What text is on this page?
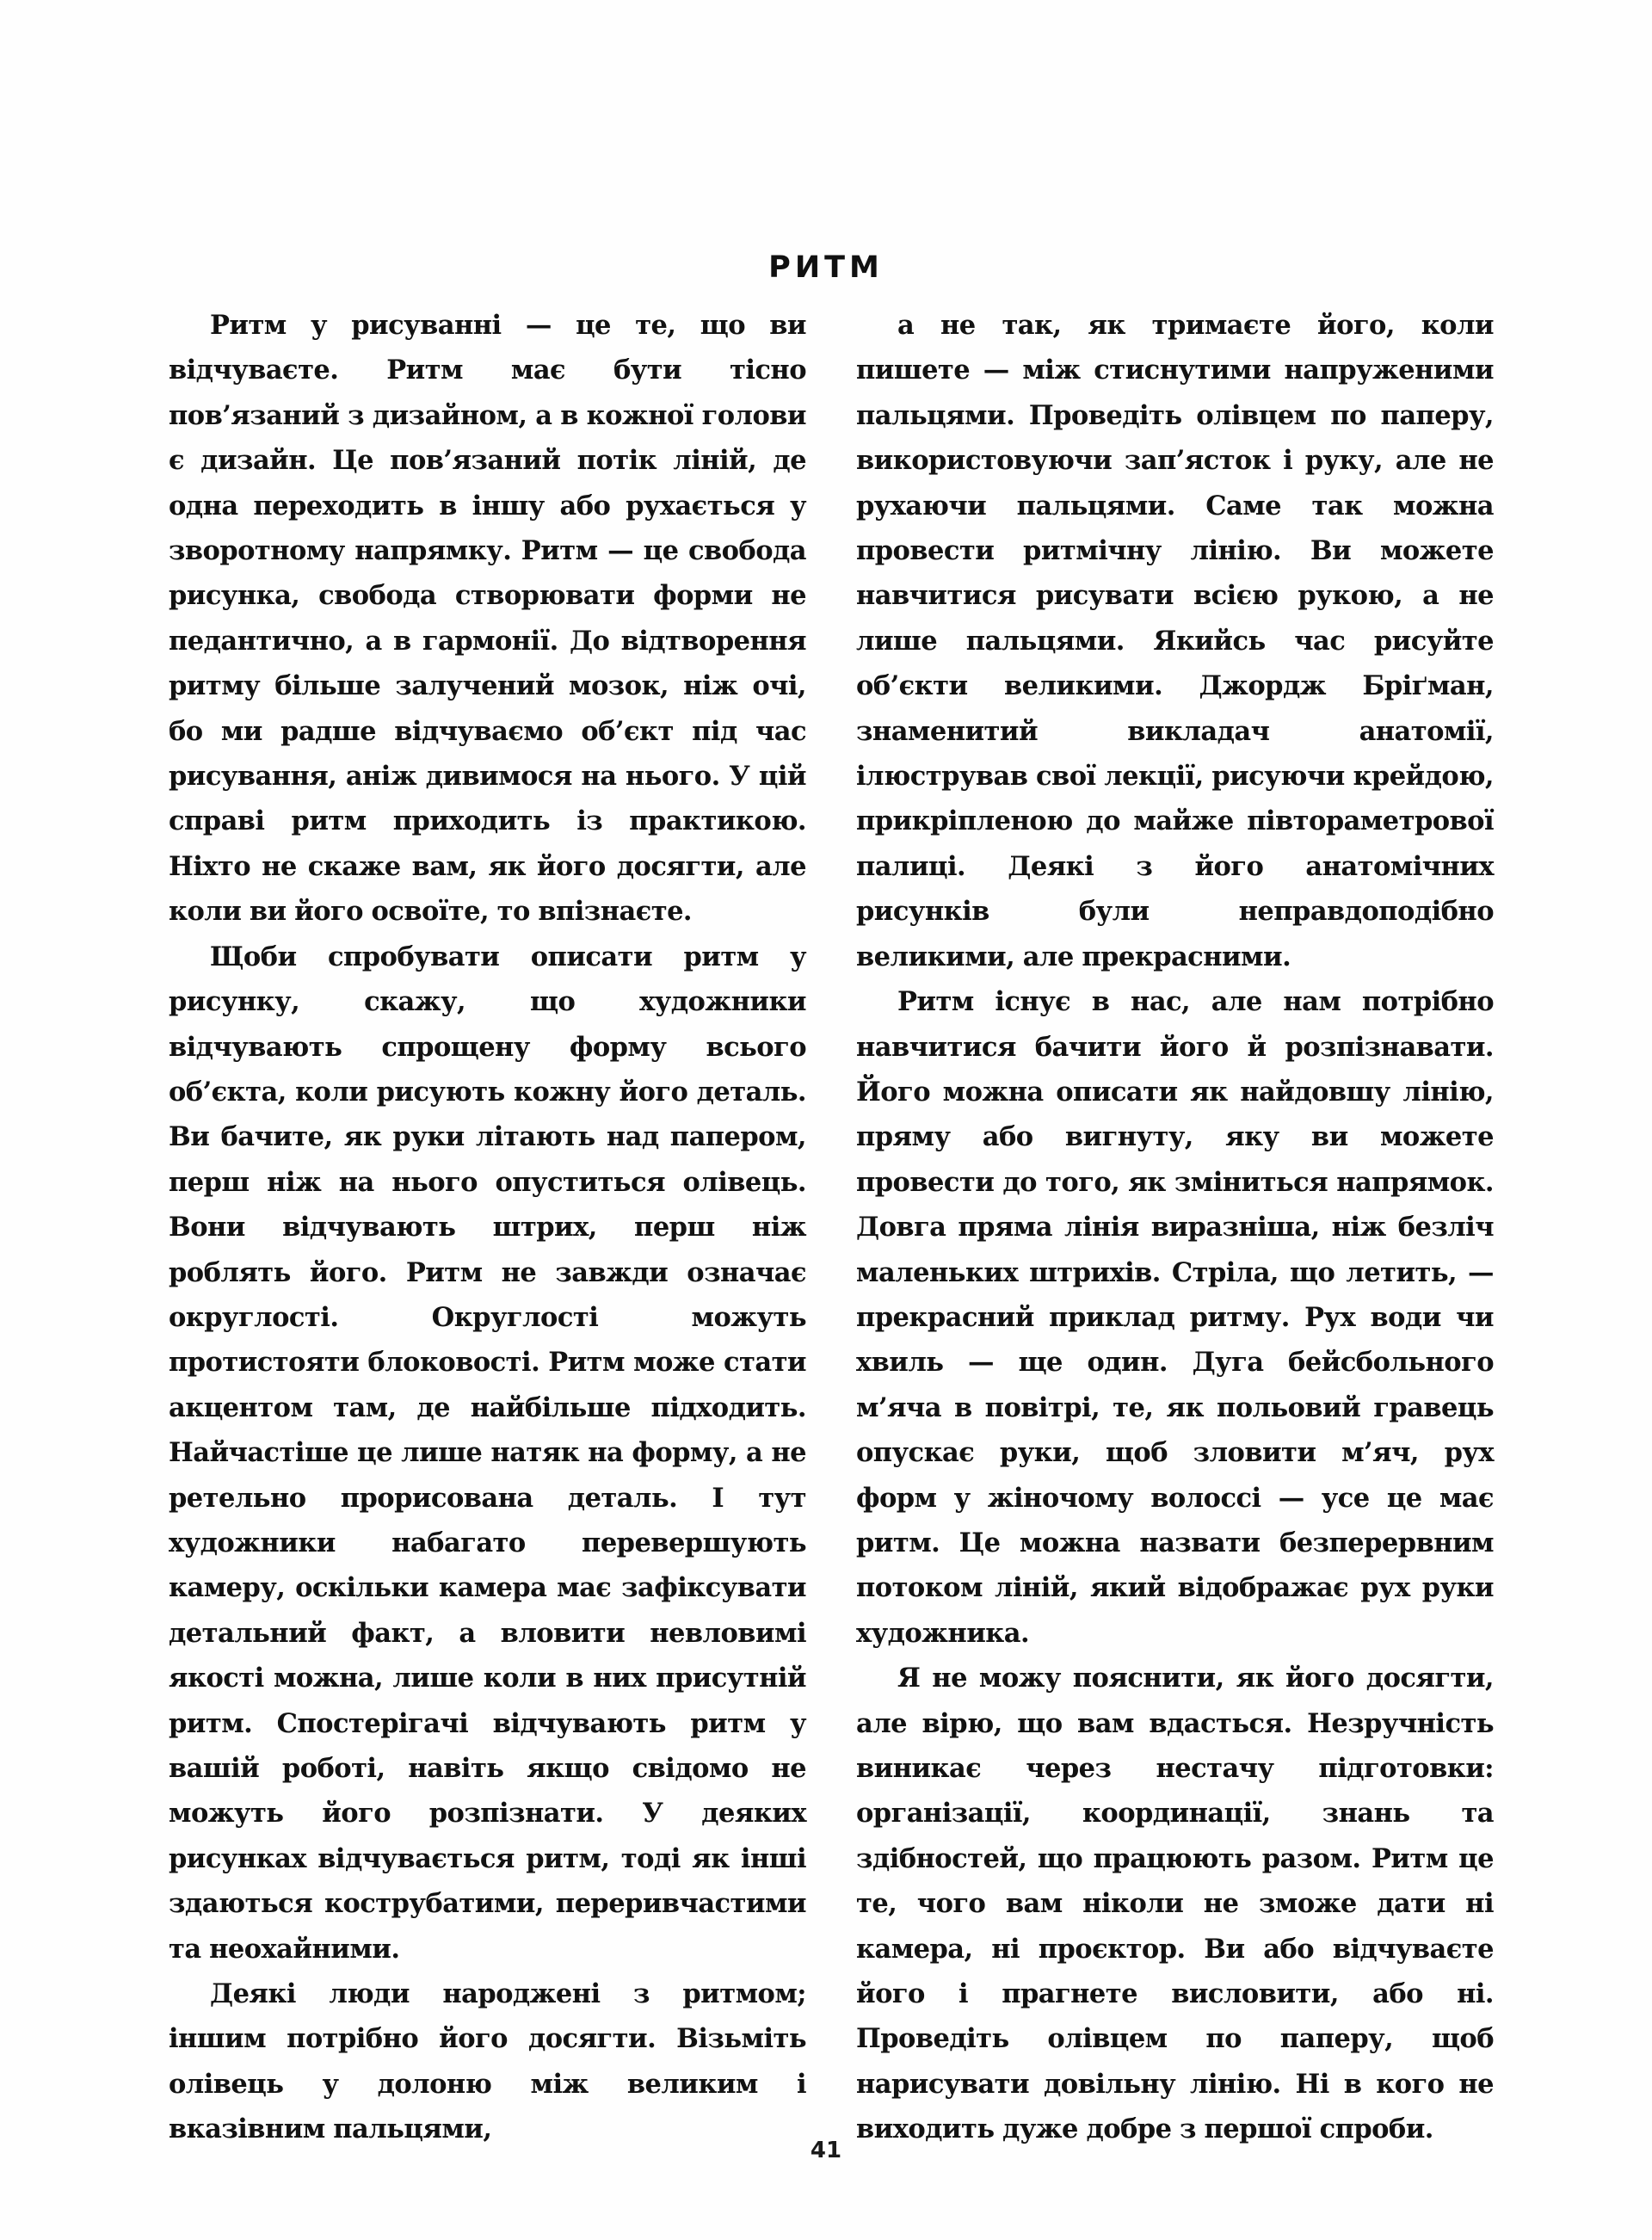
РИТМ

Ритм у рисуванні — це те, що ви відчуваєте. Ритм має бути тісно пов’язаний з дизайном, а в кожної голови є дизайн. Це пов’язаний потік ліній, де одна переходить в іншу або рухається у зворотному напрямку. Ритм — це свобода рисунка, свобода створювати форми не педантично, а в гармонії. До відтворення ритму більше залучений мозок, ніж очі, бо ми радше відчуваємо об’єкт під час рисування, аніж дивимося на нього. У цій справі ритм приходить із практикою. Ніхто не скаже вам, як його досягти, але коли ви його освоїте, то впізнаєте.

Щоби спробувати описати ритм у рисунку, скажу, що художники відчувають спрощену форму всього об’єкта, коли рисують кожну його деталь. Ви бачите, як руки літають над папером, перш ніж на нього опуститься олівець. Вони відчувають штрих, перш ніж роблять його. Ритм не завжди означає округлості. Округлості можуть протистояти блоковості. Ритм може стати акцентом там, де найбільше підходить. Найчастіше це лише натяк на форму, а не ретельно прорисована деталь. І тут художники набагато перевершують камеру, оскільки камера має зафіксувати детальний факт, а вловити невловимі якості можна, лише коли в них присутній ритм. Спостерігачі відчувають ритм у вашій роботі, навіть якщо свідомо не можуть його розпізнати. У деяких рисунках відчувається ритм, тоді як інші здаються кострубатими, переривчастими та неохайними.

Деякі люди народжені з ритмом; іншим потрібно його досягти. Візьміть олівець у долоню між великим і вказівним пальцями,

а не так, як тримаєте його, коли пишете — між стиснутими напруженими пальцями. Проведіть олівцем по паперу, використовуючи зап’ясток і руку, але не рухаючи пальцями. Саме так можна провести ритмічну лінію. Ви можете навчитися рисувати всією рукою, а не лише пальцями. Якийсь час рисуйте об’єкти великими. Джордж Бріґман, знаменитий викладач анатомії, ілюстрував свої лекції, рисуючи крейдою, прикріпленою до майже півтораметрової палиці. Деякі з його анатомічних рисунків були неправдоподібно великими, але прекрасними.

Ритм існує в нас, але нам потрібно навчитися бачити його й розпізнавати. Його можна описати як найдовшу лінію, пряму або вигнуту, яку ви можете провести до того, як зміниться напрямок. Довга пряма лінія виразніша, ніж безліч маленьких штрихів. Стріла, що летить, — прекрасний приклад ритму. Рух води чи хвиль — ще один. Дуга бейсбольного м’яча в повітрі, те, як польовий гравець опускає руки, щоб зловити м’яч, рух форм у жіночому волоссі — усе це має ритм. Це можна назвати безперервним потоком ліній, який відображає рух руки художника.

Я не можу пояснити, як його досягти, але вірю, що вам вдасться. Незручність виникає через нестачу підготовки: організації, координації, знань та здібностей, що працюють разом. Ритм це те, чого вам ніколи не зможе дати ні камера, ні проєктор. Ви або відчуваєте його і прагнете висловити, або ні. Проведіть олівцем по паперу, щоб нарисувати довільну лінію. Ні в кого не виходить дуже добре з першої спроби.

41
